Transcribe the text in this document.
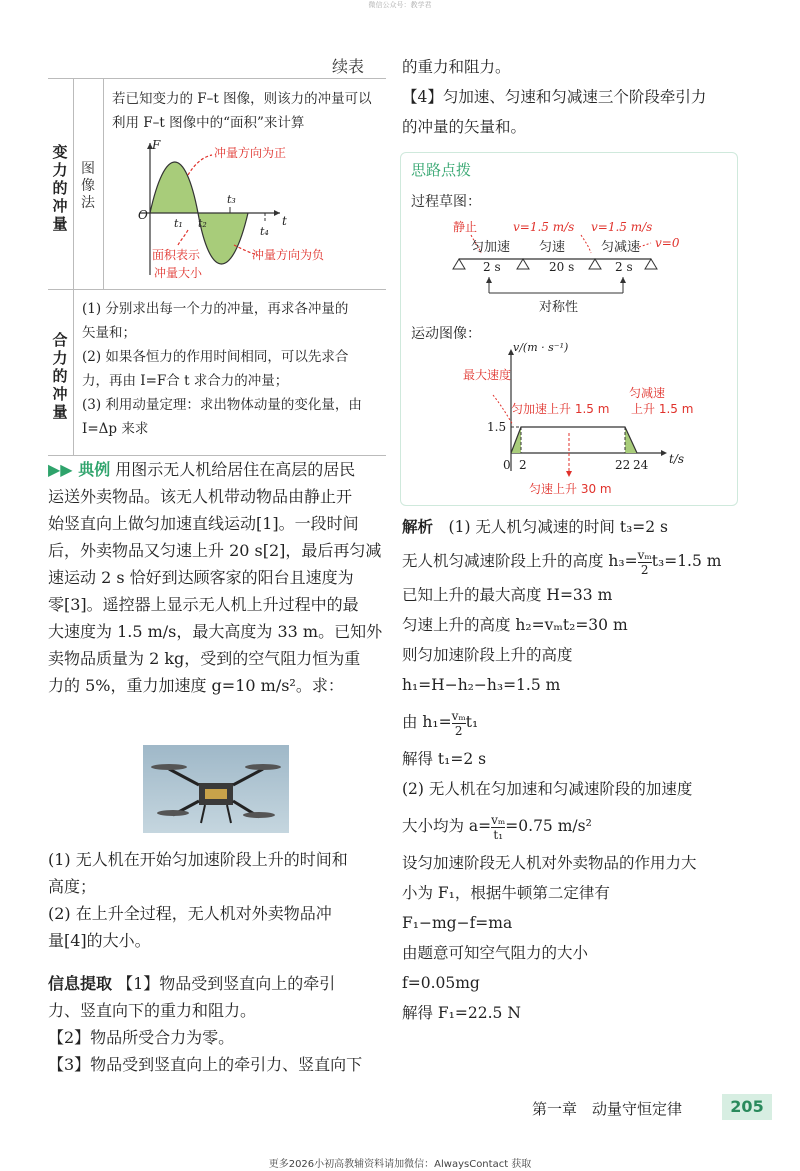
微信公众号：教学君
续表
变力的冲量
图像法
若已知变力的 F–t 图像，则该力的冲量可以利用 F–t 图像中的“面积”来计算
F
t
O
t₁ t₂
t₃
t₄
冲量方向为正
面积表示
冲量大小
冲量方向为负
合力的冲量
(1) 分别求出每一个力的冲量，再求各冲量的
矢量和；
(2) 如果各恒力的作用时间相同，可以先求合
力，再由 I=F合 t 求合力的冲量；
(3) 利用动量定理：求出物体动量的变化量，由
I=Δp 来求
▶▶ 典例 用图示无人机给居住在高层的居民
运送外卖物品。该无人机带动物品由静止开
始竖直向上做匀加速直线运动[1]。一段时间
后，外卖物品又匀速上升 20 s[2]，最后再匀减
速运动 2 s 恰好到达顾客家的阳台且速度为
零[3]。遥控器上显示无人机上升过程中的最
大速度为 1.5 m/s，最大高度为 33 m。已知外
卖物品质量为 2 kg，受到的空气阻力恒为重
力的 5%，重力加速度 g=10 m/s²。求：
(1) 无人机在开始匀加速阶段上升的时间和
高度；
(2) 在上升全过程，无人机对外卖物品冲
量[4]的大小。
信息提取 【1】物品受到竖直向上的牵引
力、竖直向下的重力和阻力。
【2】物品所受合力为零。
【3】物品受到竖直向上的牵引力、竖直向下
的重力和阻力。
【4】匀加速、匀速和匀减速三个阶段牵引力
的冲量的矢量和。
思路点拨
过程草图：
静止	v=1.5 m/s v=1.5 m/s
v=0
匀加速 匀速	匀减速
2 s	20 s	2 s
对称性
运动图像：
v/(m · s⁻¹)
t/s
1.5
0 2	22 24
最大速度
匀加速上升 1.5 m
匀减速
上升 1.5 m
匀速上升 30 m
解析　 (1) 无人机匀减速的时间 t₃=2 s
无人机匀减速阶段上升的高度 $h_3= \frac{\text{vₘ}}{2} t_3=1.5$ m
已知上升的最大高度 H=33 m
匀速上升的高度 h₂=vₘt₂=30 m
则匀加速阶段上升的高度
h₁=H−h₂−h₃=1.5 m
由 $h_1= \frac{\text{vₘ}}{2} t_1$
解得 t₁=2 s
(2) 无人机在匀加速和匀减速阶段的加速度
大小均为 $a= \frac{\text{vₘ}}{\text{t₁}} =0.75$ m/s²
设匀加速阶段无人机对外卖物品的作用力大
小为 F₁，根据牛顿第二定律有
F₁−mg−f=ma
由题意可知空气阻力的大小
f=0.05mg
解得 F₁=22.5 N
第一章　动量守恒定律	205
更多2026小初高教辅资料请加微信：AlwaysContact 获取
